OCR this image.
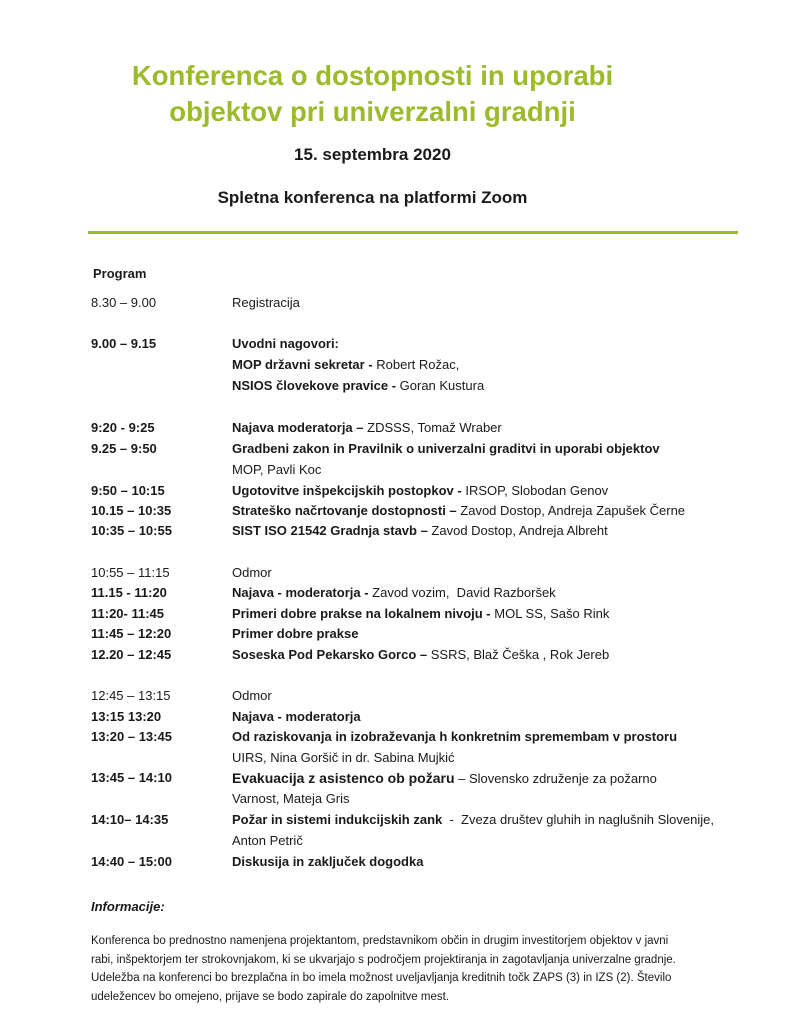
Konferenca o dostopnosti in uporabi
objektov pri univerzalni gradnji
15. septembra 2020
Spletna konferenca na platformi Zoom
Program
8.30 – 9.00	Registracija
9.00 – 9.15	Uvodni nagovori:
MOP državni sekretar - Robert Rožac,
NSIOS človekove pravice - Goran Kustura
9:20 - 9:25	Najava moderatorja – ZDSSS, Tomaž Wraber
9.25 – 9:50	Gradbeni zakon in Pravilnik o univerzalni graditvi in uporabi objektov
MOP, Pavli Koc
9:50 – 10:15	Ugotovitve inšpekcijskih postopkov - IRSOP, Slobodan Genov
10.15 – 10:35	Strateško načrtovanje dostopnosti – Zavod Dostop, Andreja Zapušek Černe
10:35 – 10:55	SIST ISO 21542 Gradnja stavb – Zavod Dostop, Andreja Albreht
10:55 – 11:15	Odmor
11.15 - 11:20	Najava - moderatorja - Zavod vozim,  David Razboršek
11:20- 11:45	Primeri dobre prakse na lokalnem nivoju - MOL SS, Sašo Rink
11:45 – 12:20	Primer dobre prakse
12.20 – 12:45	Soseska Pod Pekarsko Gorco – SSRS, Blaž Češka , Rok Jereb
12:45 – 13:15	Odmor
13:15 13:20	Najava - moderatorja
13:20 – 13:45	Od raziskovanja in izobraževanja h konkretnim spremembam v prostoru
UIRS, Nina Goršič in dr. Sabina Mujkić
13:45 – 14:10	Evakuacija z asistenco ob požaru – Slovensko združenje za požarno
Varnost, Mateja Gris
14:10– 14:35	Požar in sistemi indukcijskih zank  -  Zveza društev gluhih in naglušnih Slovenije,
Anton Petrič
14:40 – 15:00	Diskusija in zaključek dogodka
Informacije:
Konferenca bo prednostno namenjena projektantom, predstavnikom občin in drugim investitorjem objektov v javni
rabi, inšpektorjem ter strokovnjakom, ki se ukvarjajo s področjem projektiranja in zagotavljanja univerzalne gradnje.
Udeležba na konferenci bo brezplačna in bo imela možnost uveljavljanja kreditnih točk ZAPS (3) in IZS (2). Število
udeležencev bo omejeno, prijave se bodo zapirale do zapolnitve mest.
